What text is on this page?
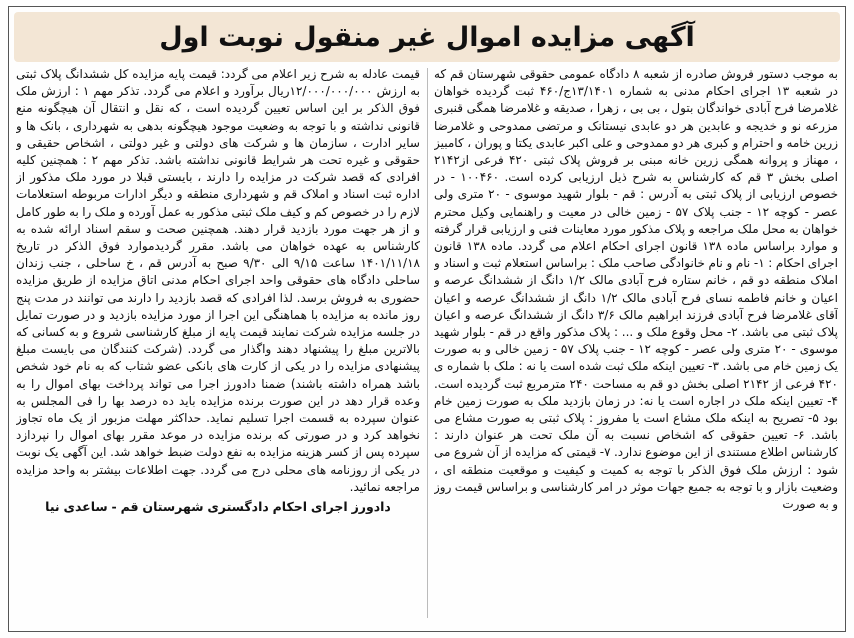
آگهی مزایده اموال غیر منقول نوبت اول

به موجب دستور فروش صادره از شعبه ۸ دادگاه عمومی حقوقی شهرستان قم که در شعبه ۱۳ اجرای احکام مدنی به شماره ۱۳/۱۴۰۱ج/۴۶۰ ثبت گردیده خواهان غلامرضا فرح آبادی خواندگان بتول ، بی بی ، زهرا ، صدیقه و غلامرضا همگی قنبری مزرعه نو و خدیجه و عابدین هر دو عابدی نیستانک و مرتضی ممدوحی و غلامرضا زرین خامه و احترام و کبری هر دو ممدوحی و علی اکبر عابدی یکتا و پوران ، کامبیز ، مهناز و پروانه همگی زرین خانه مبنی بر فروش پلاک ثبتی ۴۲۰ فرعی از۲۱۴۲ اصلی بخش ۳ قم که کارشناس به شرح ذیل ارزیابی کرده است. ۱۰۰۴۶۰ - در خصوص ارزیابی از پلاک ثبتی به آدرس : قم - بلوار شهید موسوی - ۲۰ متری ولی عصر - کوچه ۱۲ - جنب پلاک ۵۷ - زمین خالی در معیت و راهنمایی وکیل محترم خواهان به محل ملک مراجعه و پلاک مذکور مورد معاینات فنی و ارزیابی قرار گرفته و موارد براساس ماده ۱۳۸ قانون اجرای احکام اعلام می گردد. ماده ۱۳۸ قانون اجرای احکام : ۱- نام و نام خانوادگی صاحب ملک : براساس استعلام ثبت و اسناد و املاک منطقه دو قم ، خانم ستاره فرح آبادی مالک ۱/۲ دانگ از ششدانگ عرصه و اعیان و خانم فاطمه نسای فرح آبادی مالک ۱/۲ دانگ از ششدانگ عرصه و اعیان آقای غلامرضا فرح آبادی فرزند ابراهیم مالک ۳/۶ دانگ از ششدانگ عرصه و اعیان پلاک ثبتی می باشد. ۲- محل وقوع ملک و ... : پلاک مذکور واقع در قم - بلوار شهید موسوی - ۲۰ متری ولی عصر - کوچه ۱۲ - جنب پلاک ۵۷ - زمین خالی و به صورت یک زمین خام می باشد. ۳- تعیین اینکه ملک ثبت شده است یا نه : ملک با شماره ی ۴۲۰ فرعی از ۲۱۴۲ اصلی بخش دو قم به مساحت ۲۴۰ مترمربع ثبت گردیده است. ۴- تعیین اینکه ملک در اجاره است یا نه: در زمان بازدید ملک به صورت زمین خام بود ۵- تصریح به اینکه ملک مشاع است یا مفروز : پلاک ثبتی به صورت مشاع می باشد. ۶- تعیین حقوقی که اشخاص نسبت به آن ملک تحت هر عنوان دارند : کارشناس اطلاع مستندی از این موضوع ندارد. ۷- قیمتی که مزایده از آن شروع می شود : ارزش ملک فوق الذکر با توجه به کمیت و کیفیت و موقعیت منطقه ای ، وضعیت بازار و با توجه به جمیع جهات موثر در امر کارشناسی و براساس قیمت روز و به صورت

قیمت عادله به شرح زیر اعلام می گردد: قیمت پایه مزایده کل ششدانگ پلاک ثبتی به ارزش ۱۲/۰۰۰/۰۰۰/۰۰۰ریال برآورد و اعلام می گردد. تذکر مهم ۱ : ارزش ملک فوق الذکر بر این اساس تعیین گردیده است ، که نقل و انتقال آن هیچگونه منع قانونی نداشته و با توجه به وضعیت موجود هیچگونه بدهی به شهرداری ، بانک ها و سایر ادارت ، سازمان ها و شرکت های دولتی و غیر دولتی ، اشخاص حقیقی و حقوقی و غیره تحت هر شرایط قانونی نداشته باشد. تذکر مهم ۲ : همچنین کلیه افرادی که قصد شرکت در مزایده را دارند ، بایستی قبلا در مورد ملک مذکور از اداره ثبت اسناد و املاک قم و شهرداری منطقه و دیگر ادارات مربوطه استعلامات لازم را در خصوص کم و کیف ملک ثبتی مذکور به عمل آورده و ملک را به طور کامل و از هر جهت مورد بازدید قرار دهند. همچنین صحت و سقم اسناد ارائه شده به کارشناس به عهده خواهان می باشد. مقرر گردیدموارد فوق الذکر در تاریخ ۱۴۰۱/۱۱/۱۸ ساعت ۹/۱۵ الی ۹/۳۰ صبح به آدرس قم ، خ ساحلی ، جنب زندان ساحلی دادگاه های حقوقی واحد اجرای احکام مدنی اتاق مزایده از طریق مزایده حضوری به فروش برسد. لذا افرادی که قصد بازدید را دارند می توانند در مدت پنج روز مانده به مزایده با هماهنگی این اجرا از مورد مزایده بازدید و در صورت تمایل در جلسه مزایده شرکت نمایند قیمت پایه از مبلغ کارشناسی شروع و به کسانی که بالاترین مبلغ را پیشنهاد دهند واگذار می گردد. (شرکت کنندگان می بایست مبلغ پیشنهادی مزایده را در یکی از کارت های بانکی عضو شتاب که به نام خود شخص باشد همراه داشته باشند) ضمنا دادورز اجرا می تواند پرداخت بهای اموال را به وعده قرار دهد در این صورت برنده مزایده باید ده درصد بها را فی المجلس به عنوان سپرده به قسمت اجرا تسلیم نماید. حداکثر مهلت مزبور از یک ماه تجاوز نخواهد کرد و در صورتی که برنده مزایده در موعد مقرر بهای اموال را نپردازد سپرده پس از کسر هزینه مزایده به نفع دولت ضبط خواهد شد. این آگهی یک نوبت در یکی از روزنامه های محلی درج می گردد. جهت اطلاعات بیشتر به واحد مزایده مراجعه نمائید.

دادورز اجرای احکام دادگستری شهرستان قم - ساعدی نیا
